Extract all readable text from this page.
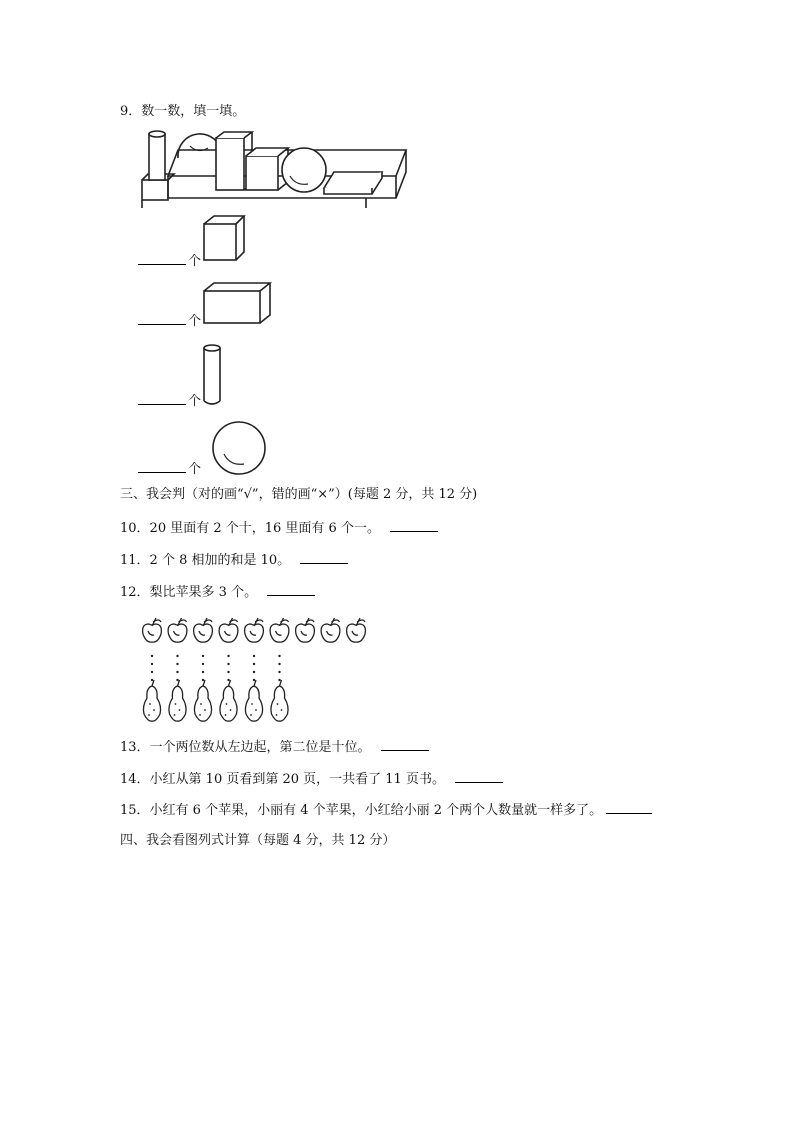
9．数一数，填一填。
个
个
个
个
三、我会判（对的画“√”，错的画“×”）(每题 2 分，共 12 分)
10．20 里面有 2 个十，16 里面有 6 个一。
11．2 个 8 相加的和是 10。
12．梨比苹果多 3 个。
13．一个两位数从左边起，第二位是十位。
14．小红从第 10 页看到第 20 页，一共看了 11 页书。
15．小红有 6 个苹果，小丽有 4 个苹果，小红给小丽 2 个两个人数量就一样多了。
四、我会看图列式计算（每题 4 分，共 12 分）
